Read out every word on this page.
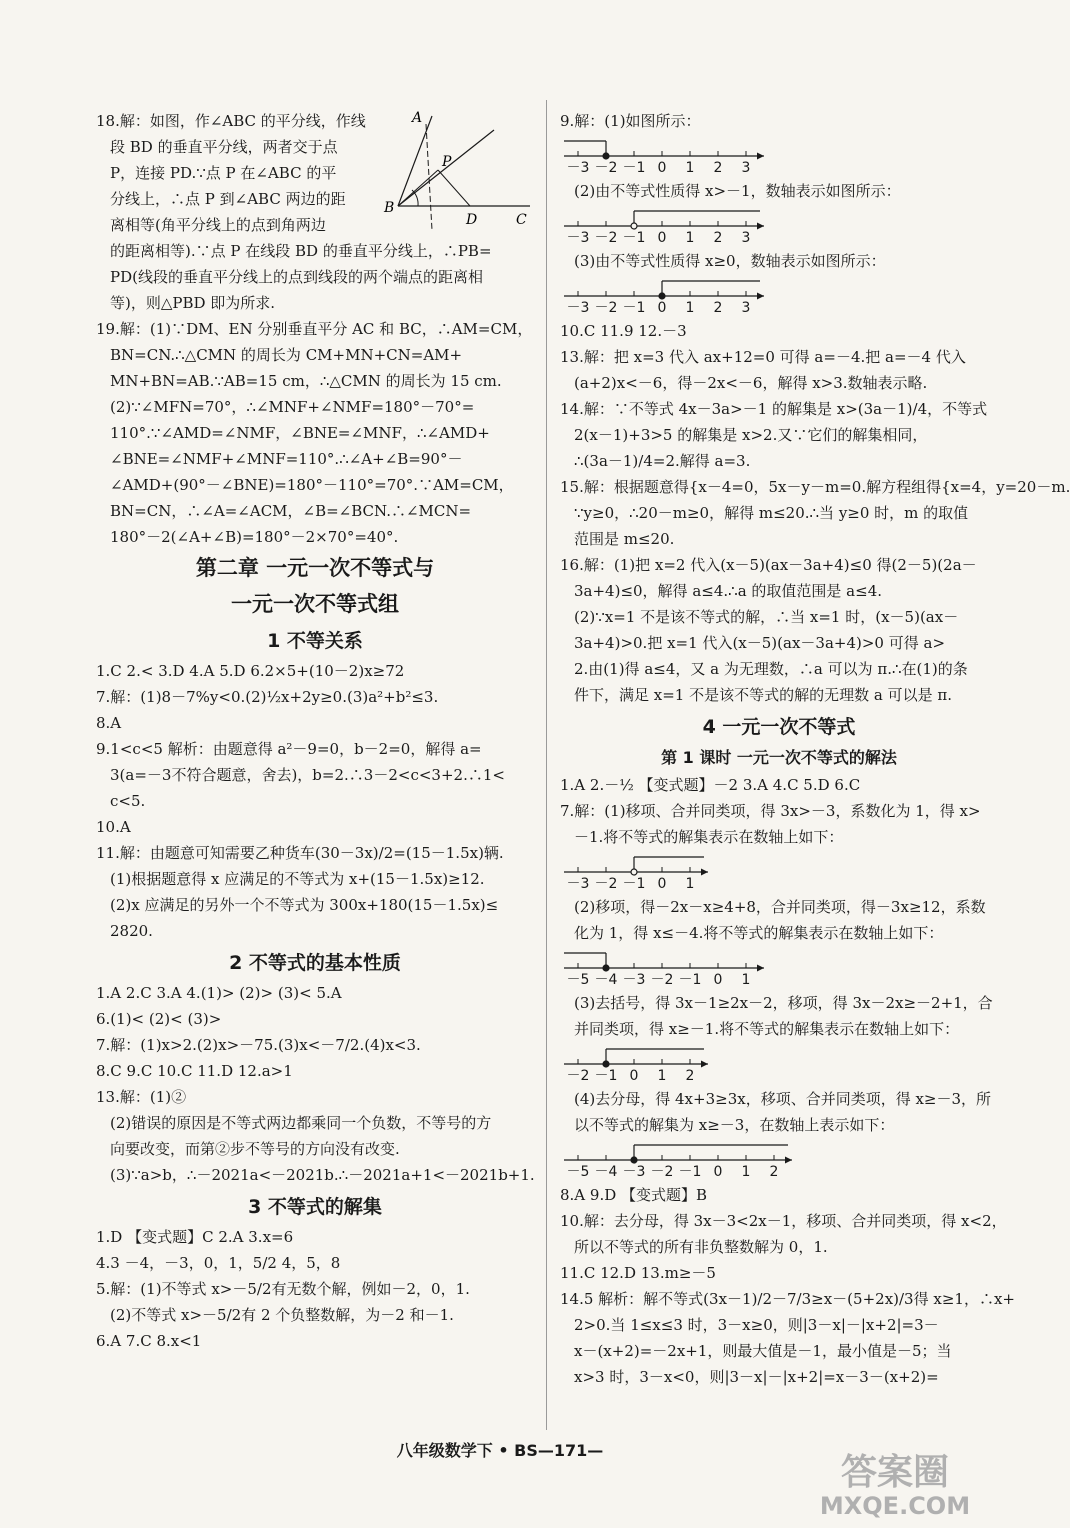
A
P
B
D	C

18.解：如图，作∠ABC 的平分线，作线

段 BD 的垂直平分线，两者交于点

P，连接 PD.∵点 P 在∠ABC 的平

分线上，∴点 P 到∠ABC 两边的距

离相等(角平分线上的点到角两边

的距离相等).∵点 P 在线段 BD 的垂直平分线上，∴PB=

PD(线段的垂直平分线上的点到线段的两个端点的距离相

等)，则△PBD 即为所求.

19.解：(1)∵DM、EN 分别垂直平分 AC 和 BC，∴AM=CM，

BN=CN.∴△CMN 的周长为 CM+MN+CN=AM+

MN+BN=AB.∵AB=15 cm，∴△CMN 的周长为 15 cm.

(2)∵∠MFN=70°，∴∠MNF+∠NMF=180°－70°=

110°.∵∠AMD=∠NMF，∠BNE=∠MNF，∴∠AMD+

∠BNE=∠NMF+∠MNF=110°.∴∠A+∠B=90°－

∠AMD+(90°－∠BNE)=180°－110°=70°.∵AM=CM，

BN=CN，∴∠A=∠ACM，∠B=∠BCN.∴∠MCN=

180°－2(∠A+∠B)=180°－2×70°=40°.

第二章 一元一次不等式与
一元一次不等式组
1 不等关系

1.C 2.< 3.D 4.A 5.D 6.2×5+(10－2)x≥72

7.解：(1)8－7%y<0.(2)½x+2y≥0.(3)a²+b²≤3.

8.A

9.1<c<5 解析：由题意得 a²－9=0，b－2=0，解得 a=

3(a=－3不符合题意，舍去)，b=2.∴3－2<c<3+2.∴1<

c<5.

10.A

11.解：由题意可知需要乙种货车(30－3x)/2=(15－1.5x)辆.

(1)根据题意得 x 应满足的不等式为 x+(15－1.5x)≥12.

(2)x 应满足的另外一个不等式为 300x+180(15－1.5x)≤

2820.

2 不等式的基本性质

1.A 2.C 3.A 4.(1)> (2)> (3)< 5.A

6.(1)< (2)< (3)>

7.解：(1)x>2.(2)x>－75.(3)x<－7/2.(4)x<3.

8.C 9.C 10.C 11.D 12.a>1

13.解：(1)②

(2)错误的原因是不等式两边都乘同一个负数，不等号的方

向要改变，而第②步不等号的方向没有改变.

(3)∵a>b，∴－2021a<－2021b.∴－2021a+1<－2021b+1.

3 不等式的解集

1.D 【变式题】C 2.A 3.x=6

4.3 －4，－3，0，1，5/2 4，5，8

5.解：(1)不等式 x>－5/2有无数个解，例如－2，0，1.

(2)不等式 x>－5/2有 2 个负整数解，为－2 和－1.

6.A 7.C 8.x<1

9.解：(1)如图所示：

－3 －2 －1 0 1 2 3

(2)由不等式性质得 x>－1，数轴表示如图所示：

－3 －2 －1 0 1 2 3

(3)由不等式性质得 x≥0，数轴表示如图所示：

－3 －2 －1 0 1 2 3

10.C 11.9 12.－3

13.解：把 x=3 代入 ax+12=0 可得 a=－4.把 a=－4 代入

(a+2)x<－6，得－2x<－6，解得 x>3.数轴表示略.

14.解：∵不等式 4x－3a>－1 的解集是 x>(3a－1)/4，不等式

2(x－1)+3>5 的解集是 x>2.又∵它们的解集相同，

∴(3a－1)/4=2.解得 a=3.

15.解：根据题意得{x－4=0，5x－y－m=0.解方程组得{x=4，y=20－m.

∵y≥0，∴20－m≥0，解得 m≤20.∴当 y≥0 时，m 的取值

范围是 m≤20.

16.解：(1)把 x=2 代入(x－5)(ax－3a+4)≤0 得(2－5)(2a－

3a+4)≤0，解得 a≤4.∴a 的取值范围是 a≤4.

(2)∵x=1 不是该不等式的解，∴当 x=1 时，(x－5)(ax－

3a+4)>0.把 x=1 代入(x－5)(ax－3a+4)>0 可得 a>

2.由(1)得 a≤4，又 a 为无理数，∴a 可以为 π.∴在(1)的条

件下，满足 x=1 不是该不等式的解的无理数 a 可以是 π.

4 一元一次不等式
第 1 课时 一元一次不等式的解法

1.A 2.－½ 【变式题】－2 3.A 4.C 5.D 6.C

7.解：(1)移项、合并同类项，得 3x>－3，系数化为 1，得 x>

－1.将不等式的解集表示在数轴上如下：

－3 －2 －1 0 1

(2)移项，得－2x－x≥4+8，合并同类项，得－3x≥12，系数

化为 1，得 x≤－4.将不等式的解集表示在数轴上如下：

－5 －4 －3 －2 －1 0 1

(3)去括号，得 3x－1≥2x－2，移项，得 3x－2x≥－2+1，合

并同类项，得 x≥－1.将不等式的解集表示在数轴上如下：

－2 －1 0 1 2

(4)去分母，得 4x+3≥3x，移项、合并同类项，得 x≥－3，所

以不等式的解集为 x≥－3，在数轴上表示如下：

－5 －4 －3 －2 －1 0 1 2

8.A 9.D 【变式题】B

10.解：去分母，得 3x－3<2x－1，移项、合并同类项，得 x<2，

所以不等式的所有非负整数解为 0，1.

11.C 12.D 13.m≥－5

14.5 解析：解不等式(3x－1)/2－7/3≥x－(5+2x)/3得 x≥1，∴x+

2>0.当 1≤x≤3 时，3－x≥0，则|3－x|－|x+2|=3－

x－(x+2)=－2x+1，则最大值是－1，最小值是－5；当

x>3 时，3－x<0，则|3－x|－|x+2|=x－3－(x+2)=

八年级数学下 • BS—171—
答案圈
MXQE.COM
